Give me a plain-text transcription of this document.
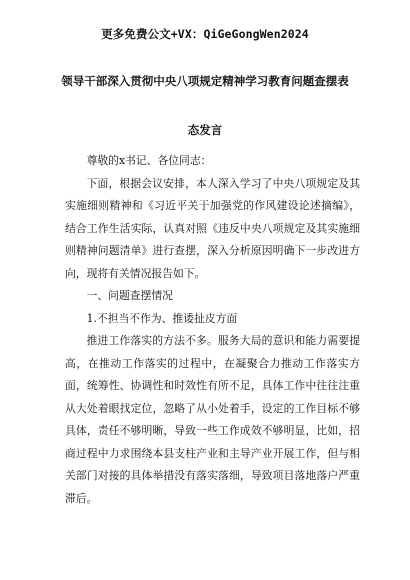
更多免费公文+VX：QiGeGongWen2024
领导干部深入贯彻中央八项规定精神学习教育问题查摆表
态发言

尊敬的x书记、各位同志：

下面，根据会议安排，本人深入学习了中央八项规定及其实施细则精神和《习近平关于加强党的作风建设论述摘编》，结合工作生活实际，认真对照《违反中央八项规定及其实施细则精神问题清单》进行查摆，深入分析原因明确下一步改进方向，现将有关情况报告如下。

一、问题查摆情况

1.不担当不作为、推诿扯皮方面

推进工作落实的方法不多。服务大局的意识和能力需要提高，在推动工作落实的过程中，在凝聚合力推动工作落实方面，统筹性、协调性和时效性有所不足，具体工作中往往注重从大处着眼找定位，忽略了从小处着手，设定的工作目标不够具体，责任不够明晰，导致一些工作成效不够明显，比如，招商过程中力求围绕本县支柱产业和主导产业开展工作，但与相关部门对接的具体举措没有落实落细，导致项目落地落户严重滞后。
